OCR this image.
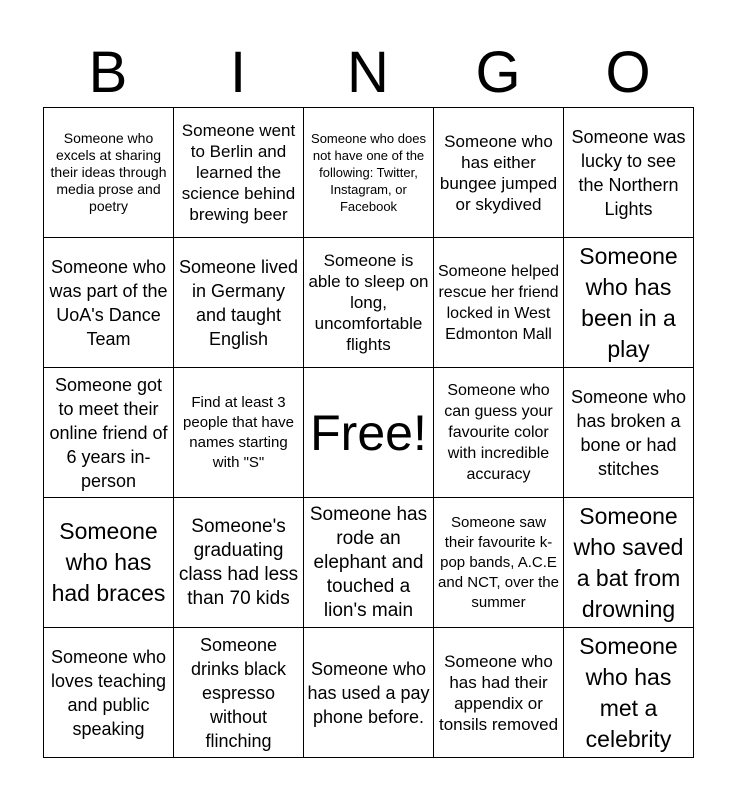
B	I	N	G	O
Someone who excels at sharing their ideas through media prose and poetry	Someone went to Berlin and learned the science behind brewing beer	Someone who does not have one of the following: Twitter, Instagram, or Facebook	Someone who has either bungee jumped or skydived	Someone was lucky to see the Northern Lights
Someone who was part of the UoA's Dance Team	Someone lived in Germany and taught English	Someone is able to sleep on long, uncomfortable flights	Someone helped rescue her friend locked in West Edmonton Mall	Someone who has been in a play
Someone got to meet their online friend of 6 years in-person	Find at least 3 people that have names starting with "S"	Free!	Someone who can guess your favourite color with incredible accuracy	Someone who has broken a bone or had stitches
Someone who has had braces	Someone's graduating class had less than 70 kids	Someone has rode an elephant and touched a lion's main	Someone saw their favourite k-pop bands, A.C.E and NCT, over the summer	Someone who saved a bat from drowning
Someone who loves teaching and public speaking	Someone drinks black espresso without flinching	Someone who has used a pay phone before.	Someone who has had their appendix or tonsils removed	Someone who has met a celebrity
